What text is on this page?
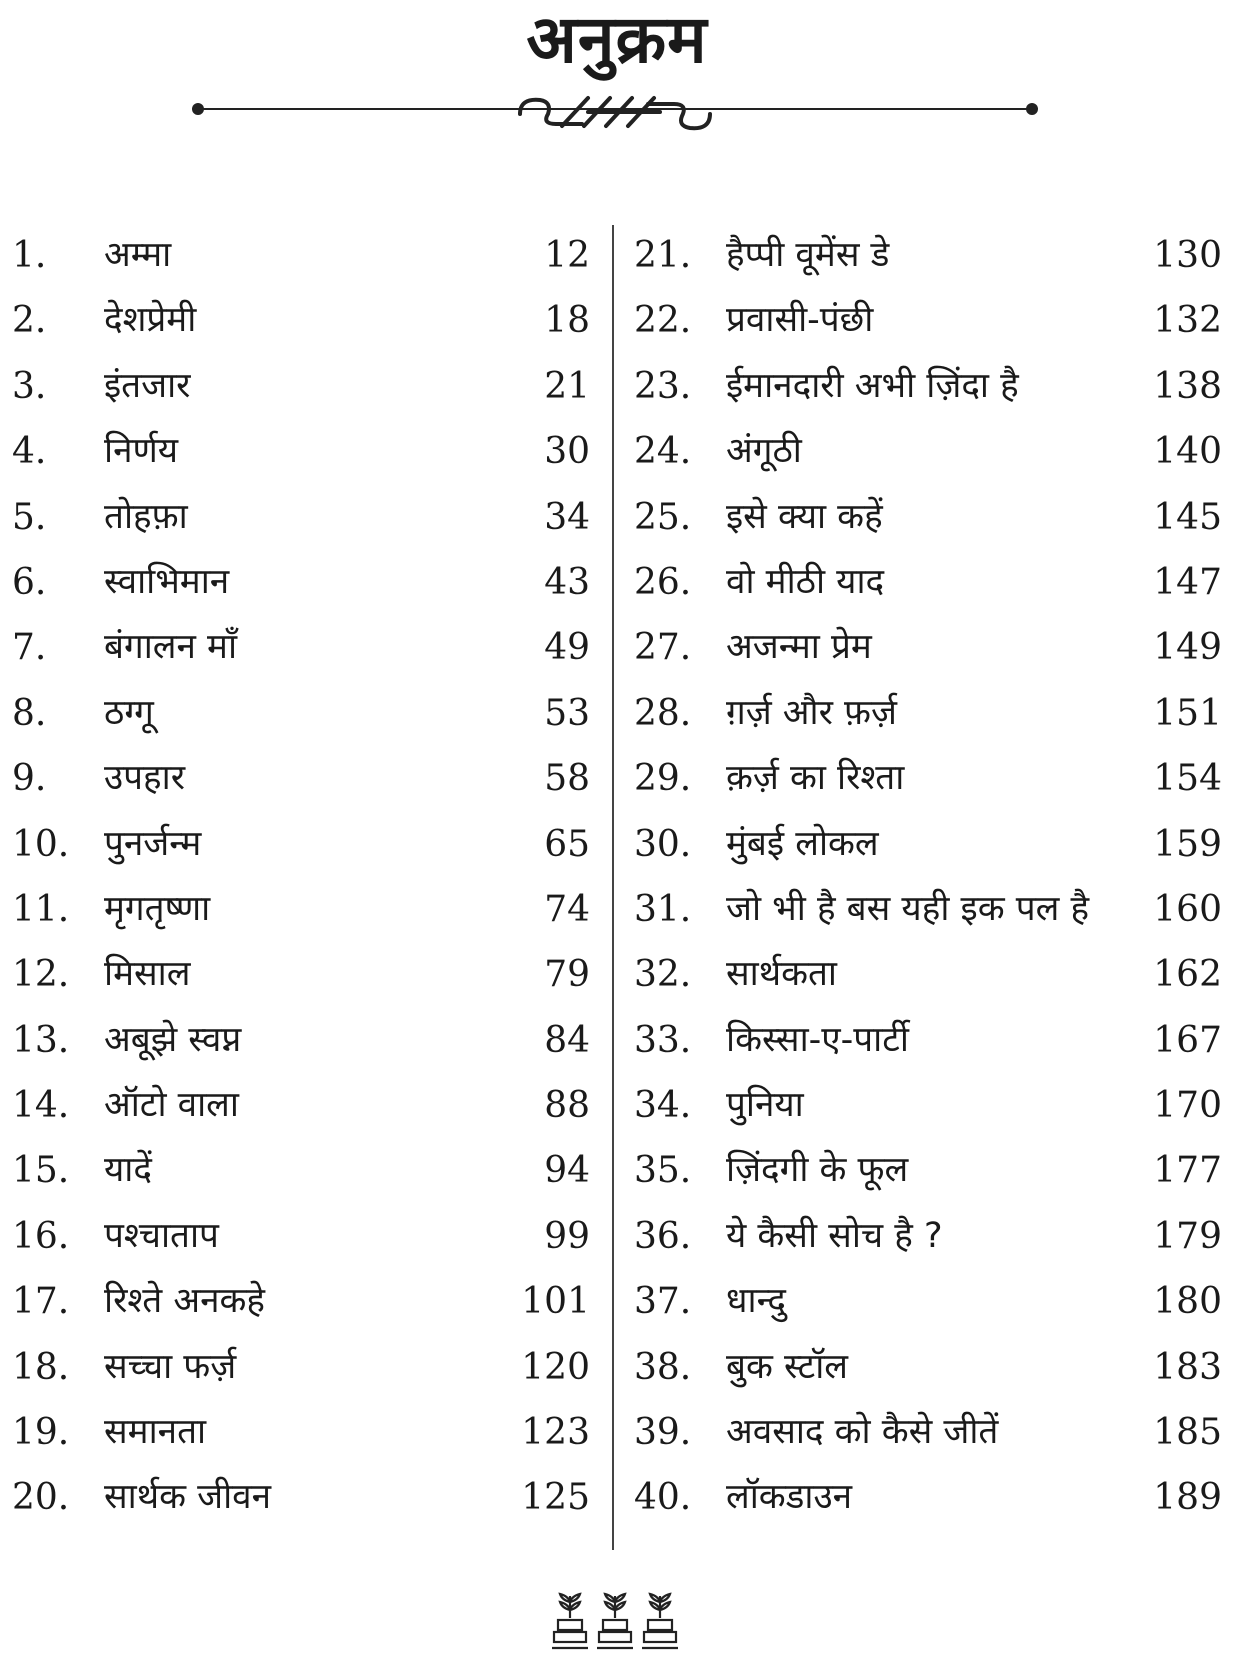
अनुक्रम
1. अम्मा	12
2. देशप्रेमी	18
3. इंतजार	21
4. निर्णय	30
5. तोहफ़ा	34
6. स्वाभिमान	43
7. बंगालन माँ	49
8. ठग्गू	53
9. उपहार	58
10. पुनर्जन्म	65
11. मृगतृष्णा	74
12. मिसाल	79
13. अबूझे स्वप्न	84
14. ऑटो वाला	88
15. यादें	94
16. पश्चाताप	99
17. रिश्ते अनकहे	101
18. सच्चा फर्ज़	120
19. समानता	123
20. सार्थक जीवन	125
21. हैप्पी वूमेंस डे	130
22. प्रवासी-पंछी	132
23. ईमानदारी अभी ज़िंदा है	138
24. अंगूठी	140
25. इसे क्या कहें	145
26. वो मीठी याद	147
27. अजन्मा प्रेम	149
28. ग़र्ज़ और फ़र्ज़	151
29. क़र्ज़ का रिश्ता	154
30. मुंबई लोकल	159
31. जो भी है बस यही इक पल है 160
32. सार्थकता	162
33. किस्सा-ए-पार्टी	167
34. पुनिया	170
35. ज़िंदगी के फूल	177
36. ये कैसी सोच है ?	179
37. धान्दु	180
38. बुक स्टॉल	183
39. अवसाद को कैसे जीतें	185
40. लॉकडाउन	189
